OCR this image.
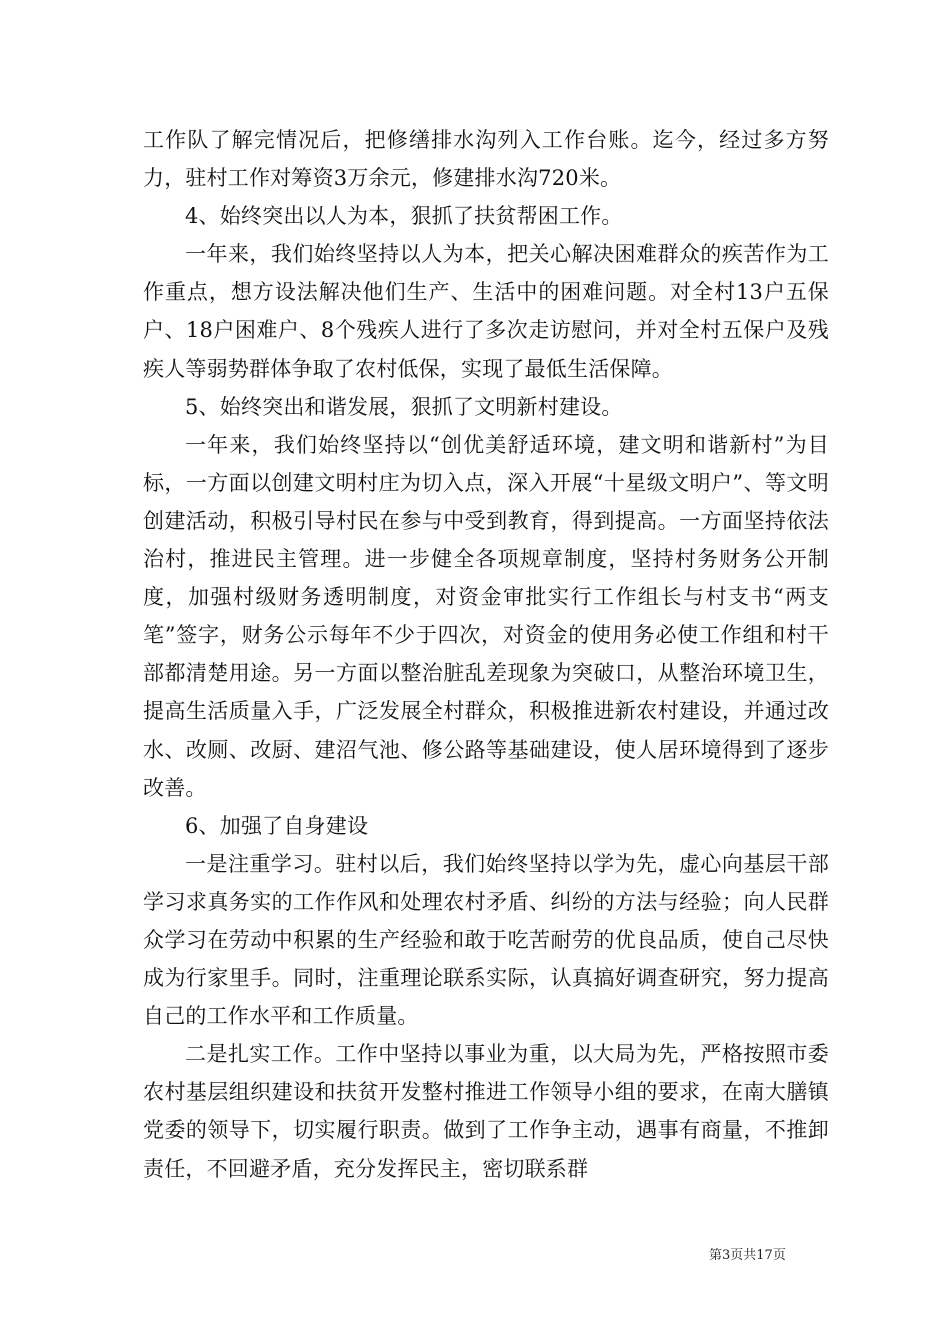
工作队了解完情况后，把修缮排水沟列入工作台账。迄今，经过多方努力，驻村工作对筹资3万余元，修建排水沟720米。

4、始终突出以人为本，狠抓了扶贫帮困工作。

一年来，我们始终坚持以人为本，把关心解决困难群众的疾苦作为工作重点，想方设法解决他们生产、生活中的困难问题。对全村13户五保户、18户困难户、8个残疾人进行了多次走访慰问，并对全村五保户及残疾人等弱势群体争取了农村低保，实现了最低生活保障。

5、始终突出和谐发展，狠抓了文明新村建设。

一年来，我们始终坚持以“创优美舒适环境，建文明和谐新村”为目标，一方面以创建文明村庄为切入点，深入开展“十星级文明户”、等文明创建活动，积极引导村民在参与中受到教育，得到提高。一方面坚持依法治村，推进民主管理。进一步健全各项规章制度，坚持村务财务公开制度，加强村级财务透明制度，对资金审批实行工作组长与村支书“两支笔”签字，财务公示每年不少于四次，对资金的使用务必使工作组和村干部都清楚用途。另一方面以整治脏乱差现象为突破口，从整治环境卫生，提高生活质量入手，广泛发展全村群众，积极推进新农村建设，并通过改水、改厕、改厨、建沼气池、修公路等基础建设，使人居环境得到了逐步改善。

6、加强了自身建设

一是注重学习。驻村以后，我们始终坚持以学为先，虚心向基层干部学习求真务实的工作作风和处理农村矛盾、纠纷的方法与经验；向人民群众学习在劳动中积累的生产经验和敢于吃苦耐劳的优良品质，使自己尽快成为行家里手。同时，注重理论联系实际，认真搞好调查研究，努力提高自己的工作水平和工作质量。

二是扎实工作。工作中坚持以事业为重，以大局为先，严格按照市委农村基层组织建设和扶贫开发整村推进工作领导小组的要求，在南大膳镇党委的领导下，切实履行职责。做到了工作争主动，遇事有商量，不推卸责任，不回避矛盾，充分发挥民主，密切联系群

第3页共17页
